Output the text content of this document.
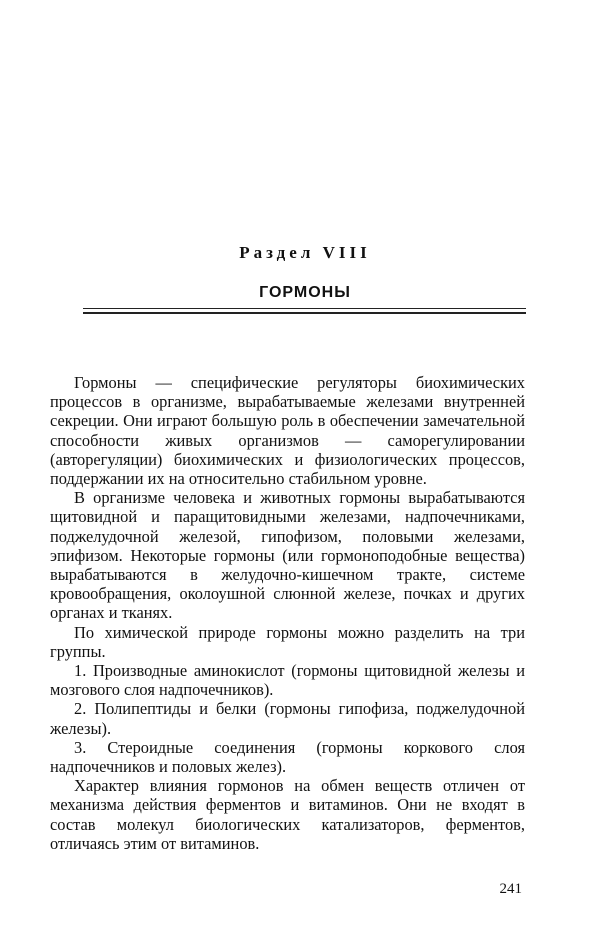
Раздел VIII
ГОРМОНЫ

Гормоны — специфические регуляторы биохимических процессов в организме, вырабатываемые железами внутренней секреции. Они играют большую роль в обеспечении замечательной способности живых организмов — саморегулировании (авторегуляции) биохимических и физиологических процессов, поддержании их на относительно стабильном уровне.

В организме человека и животных гормоны вырабатываются щитовидной и паращитовидными железами, надпочечниками, поджелудочной железой, гипофизом, половыми железами, эпифизом. Некоторые гормоны (или гормоноподобные вещества) вырабатываются в желудочно-кишечном тракте, системе кровообращения, околоушной слюнной железе, почках и других органах и тканях.

По химической природе гормоны можно разделить на три группы.

1. Производные аминокислот (гормоны щитовидной железы и мозгового слоя надпочечников).

2. Полипептиды и белки (гормоны гипофиза, поджелудочной железы).

3. Стероидные соединения (гормоны коркового слоя надпочечников и половых желез).

Характер влияния гормонов на обмен веществ отличен от механизма действия ферментов и витаминов. Они не входят в состав молекул биологических катализаторов, ферментов, отличаясь этим от витаминов.

241
